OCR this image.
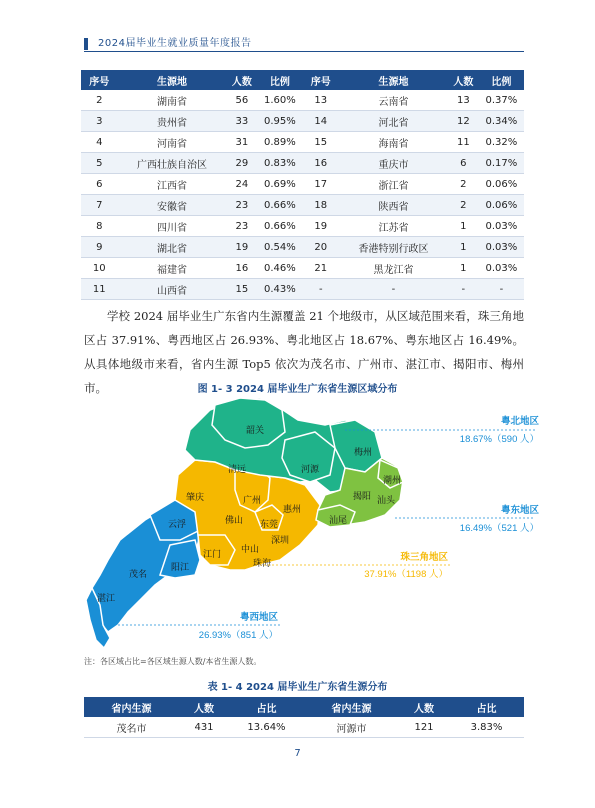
2024届毕业生就业质量年度报告
序号	生源地	人数	比例	序号	生源地	人数	比例
2	湖南省	56	1.60%	13	云南省	13	0.37%
3	贵州省	33	0.95%	14	河北省	12	0.34%
4	河南省	31	0.89%	15	海南省	11	0.32%
5	广西壮族自治区	29	0.83%	16	重庆市	6	0.17%
6	江西省	24	0.69%	17	浙江省	2	0.06%
7	安徽省	23	0.66%	18	陕西省	2	0.06%
8	四川省	23	0.66%	19	江苏省	1	0.03%
9	湖北省	19	0.54%	20	香港特别行政区	1	0.03%
10	福建省	16	0.46%	21	黑龙江省	1	0.03%
11	山西省	15	0.43%	-	-	-	-
学校 2024 届毕业生广东省内生源覆盖 21 个地级市，从区域范围来看，珠三角地区占 37.91%、粤西地区占 26.93%、粤北地区占 18.67%、粤东地区占 16.49%。从具体地级市来看，省内生源 Top5 依次为茂名市、广州市、湛江市、揭阳市、梅州市。	图 1- 3 2024 届毕业生广东省生源区域分布
韶关
清远	河源
梅州
潮州
揭阳 汕头
汕尾
肇庆	广州
惠州
佛山 东莞
深圳
云浮
江门 中山
珠海
茂名
阳江
湛江
粤北地区
18.67%（590 人）
粤东地区
16.49%（521 人）
珠三角地区
37.91%（1198 人）
粤西地区
26.93%（851 人）
注：各区域占比=各区域生源人数/本省生源人数。
表 1- 4 2024 届毕业生广东省生源分布
省内生源	人数	占比	省内生源	人数	占比
茂名市	431	13.64%	河源市	121	3.83%
7
